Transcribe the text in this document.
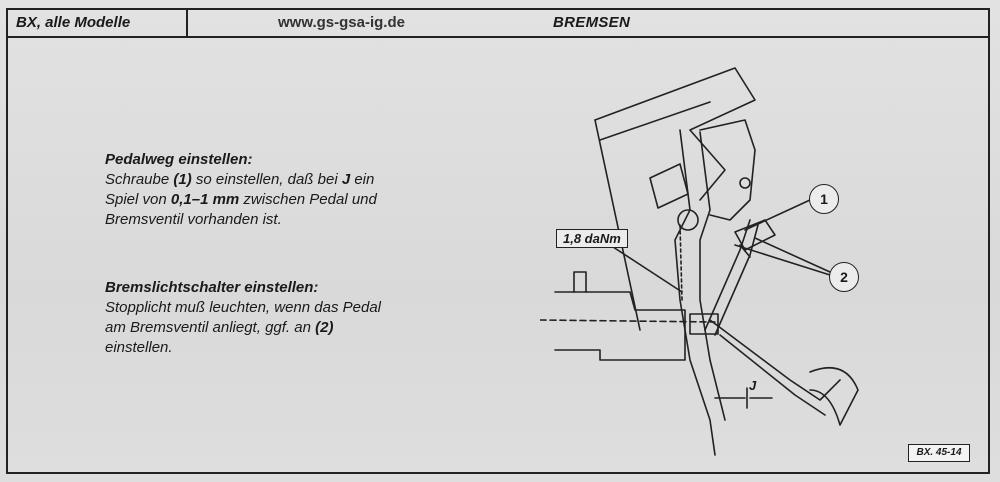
BX, alle Modelle	www.gs-gsa-ig.de	BREMSEN
Pedalweg einstellen:
Schraube (1) so einstellen, daß bei J ein
Spiel von 0,1–1 mm zwischen Pedal und
Bremsventil vorhanden ist.
Bremslichtschalter einstellen:
Stopplicht muß leuchten, wenn das Pedal
am Bremsventil anliegt, ggf. an (2)
einstellen.
1,8 daNm
1
2
J
BX. 45-14
